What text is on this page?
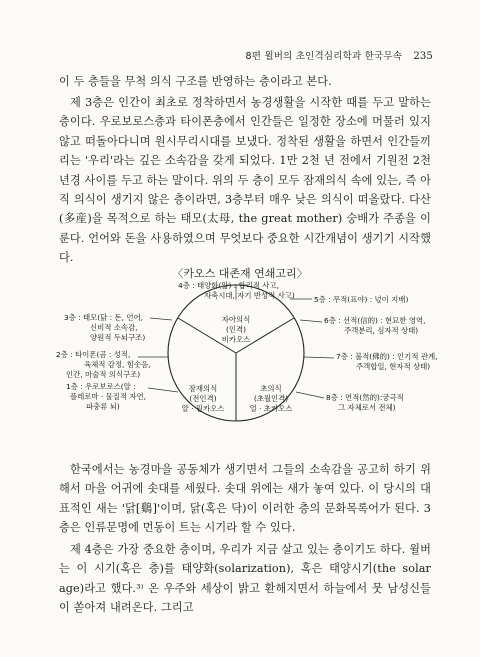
8편 윌버의 초인격심리학과 한국무속 235

이 두 층들을 무척 의식 구조를 반영하는 층이라고 본다.

제 3층은 인간이 최초로 정착하면서 농경생활을 시작한 때를 두고 말하는 층이다. 우로보로스층과 타이폰층에서 인간들은 일정한 장소에 머물러 있지 않고 떠돌아다니며 원시무리시대를 보냈다. 정착된 생활을 하면서 인간들끼리는 '우리'라는 깊은 소속감을 갖게 되었다. 1만 2천 년 전에서 기원전 2천년경 사이를 두고 하는 말이다. 위의 두 층이 모두 잠재의식 속에 있는, 즉 아직 의식이 생기지 않은 층이라면, 3층부터 매우 낮은 의식이 떠올랐다. 다산(多産)을 목적으로 하는 태모(太母, the great mother) 숭배가 주종을 이룬다. 언어와 돈을 사용하였으며 무엇보다 중요한 시간개념이 생기기 시작했다.

〈카오스 대존재 연쇄고리〉
자아의식
(인격)
비카오스
잠재의식
(전인격)
알 · 원카오스
초의식
(초월인격)
얼 · 초카오스
4층 : 태양화(앎) : 합리적 사고,
자축시대, 자기 반성적 사고)
3층 : 태모(닭 : 돈, 언어,
신비적 소속감,
양원적 두뇌구조)
2층 : 타이폰(곰 : 성적,
육체적 감정, 힘솟음,
인간, 마술적 의식구조)
1층 : 우로보로스(알 :
플레로마 · 물질적 자연,
파충류 뇌)
5층 : 무적(표야) : 넋이 지배)
6층 : 선적(信的) : 현묘한 영역,
주객분리, 심자적 상태)
7층 : 불적(佛的) : 인기적 관계,
주객합일, 현자적 상태)
8층 : 연적(然的):궁극적
그 자체로서 전체)

한국에서는 농경마을 공동체가 생기면서 그들의 소속감을 공고히 하기 위해서 마을 어귀에 솟대를 세웠다. 솟대 위에는 새가 놓여 있다. 이 당시의 대표적인 새는 '닭[鷄]'이며, 닭(혹은 닥)이 이러한 층의 문화목록어가 된다. 3층은 인류문명에 먼동이 트는 시기라 할 수 있다.

제 4층은 가장 중요한 층이며, 우리가 지금 살고 있는 층이기도 하다. 윌버는 이 시기(혹은 층)를 태양화(solarization), 혹은 태양시기(the solar age)라고 했다.³⁾ 온 우주와 세상이 밝고 환해지면서 하늘에서 뭇 남성신들이 쏟아져 내려온다. 그리고
